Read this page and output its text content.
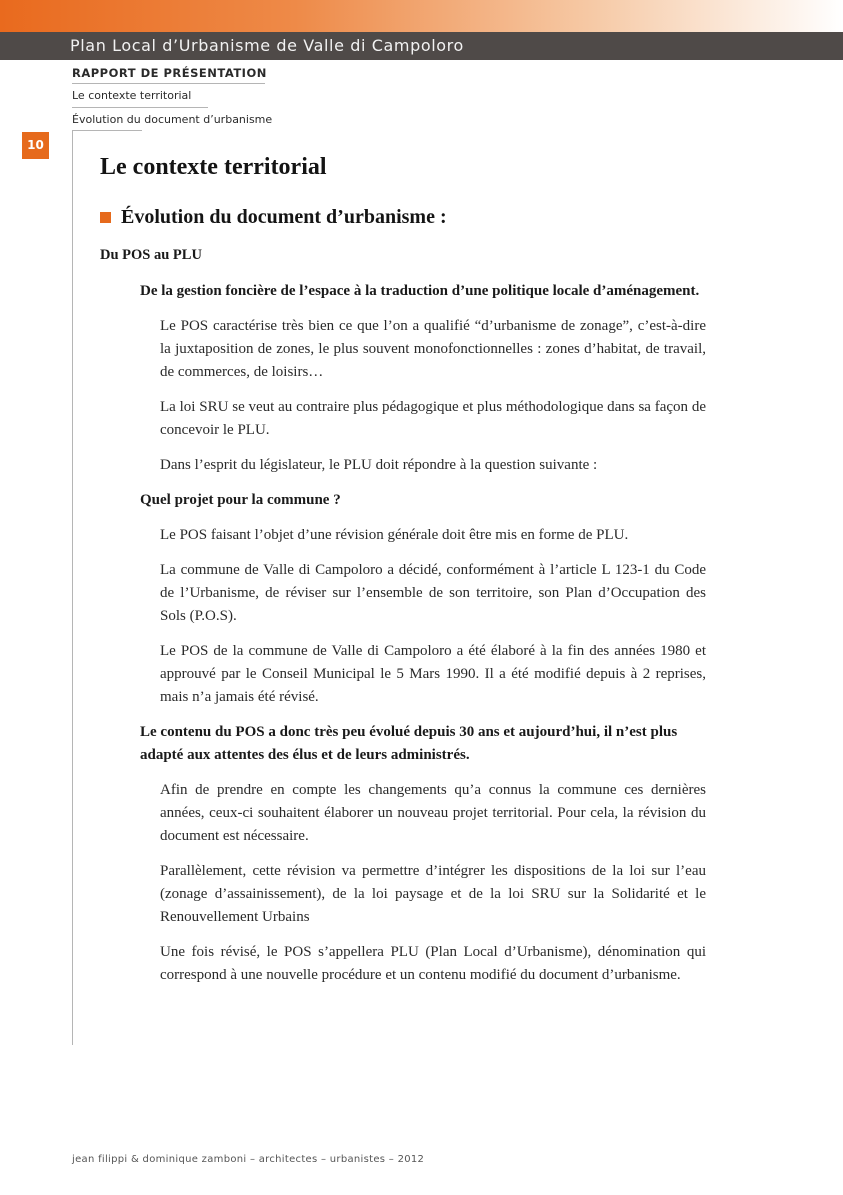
Plan Local d’Urbanisme de Valle di Campoloro
RAPPORT DE PRÉSENTATION
Le contexte territorial
Évolution du document d’urbanisme
10
Le contexte territorial
Évolution du document d’urbanisme :
Du POS au PLU

De la gestion foncière de l’espace à la traduction d’une politique locale d’aménagement.

Le POS caractérise très bien ce que l’on a qualifié “d’urbanisme de zonage”, c’est-à-dire la juxtaposition de zones, le plus souvent monofonctionnelles : zones d’habitat, de travail, de commerces, de loisirs…

La loi SRU se veut au contraire plus pédagogique et plus méthodologique dans sa façon de concevoir le PLU.

Dans l’esprit du législateur, le PLU doit répondre à la question suivante :

Quel projet pour la commune ?

Le POS faisant l’objet d’une révision générale doit être mis en forme de PLU.

La commune de Valle di Campoloro a décidé, conformément à l’article L 123-1 du Code de l’Urbanisme, de réviser sur l’ensemble de son territoire, son Plan d’Occupation des Sols (P.O.S).

Le POS de la commune de Valle di Campoloro a été élaboré à la fin des années 1980 et approuvé par le Conseil Municipal le 5 Mars 1990. Il a été modifié depuis à 2 reprises, mais n’a jamais été révisé.

Le contenu du POS a donc très peu évolué depuis 30 ans et aujourd’hui, il n’est plus adapté aux attentes des élus et de leurs administrés.

Afin de prendre en compte les changements qu’a connus la commune ces dernières années, ceux-ci souhaitent élaborer un nouveau projet territorial. Pour cela, la révision du document est nécessaire.

Parallèlement, cette révision va permettre d’intégrer les dispositions de la loi sur l’eau (zonage d’assainissement), de la loi paysage et de la loi SRU sur la Solidarité et le Renouvellement Urbains

Une fois révisé, le POS s’appellera PLU (Plan Local d’Urbanisme), dénomination qui correspond à une nouvelle procédure et un contenu modifié du document d’urbanisme.

jean filippi & dominique zamboni – architectes – urbanistes – 2012
